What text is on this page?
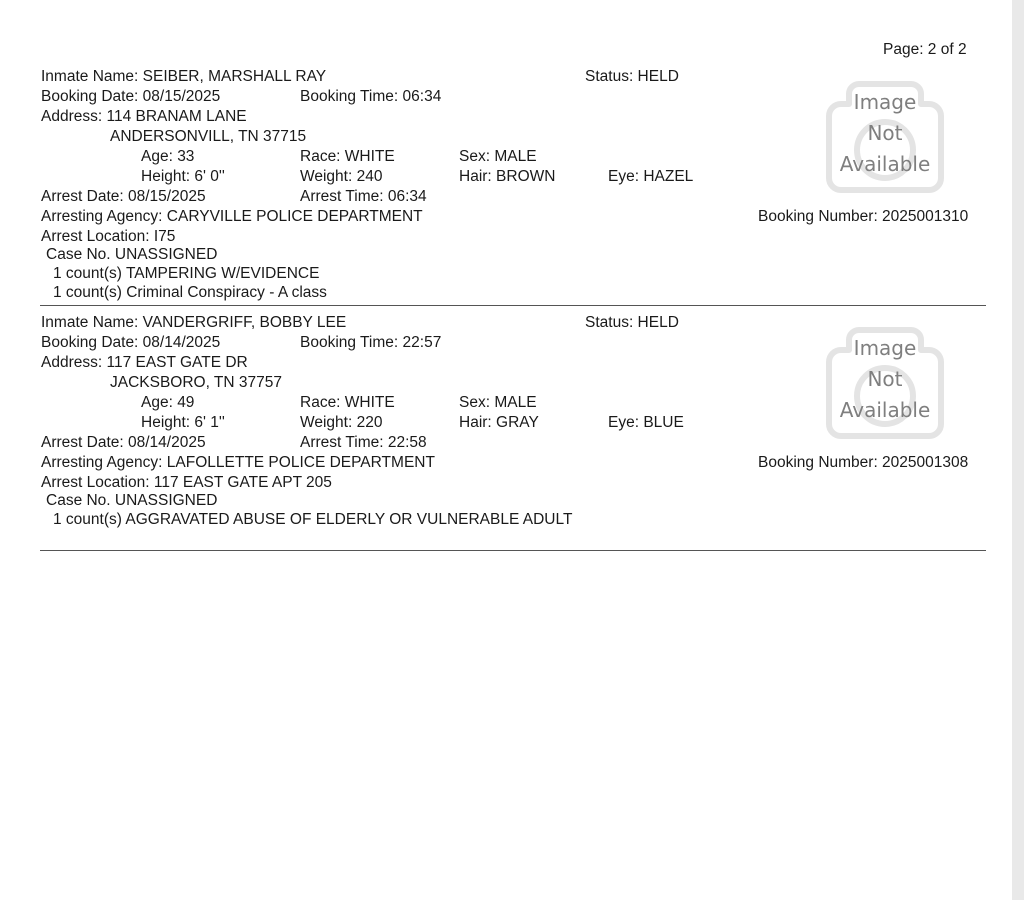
Page: 2 of 2
Inmate Name: SEIBER, MARSHALL RAY	Status: HELD
Booking Date: 08/15/2025	Booking Time: 06:34
Address: 114 BRANAM LANE
ANDERSONVILL, TN 37715
Age: 33	Race: WHITE	Sex: MALE
Height: 6' 0''	Weight: 240	Hair: BROWN	Eye: HAZEL
Arrest Date: 08/15/2025	Arrest Time: 06:34
Arresting Agency: CARYVILLE POLICE DEPARTMENT	Booking Number: 2025001310
Arrest Location: I75
Case No. UNASSIGNED
1 count(s) TAMPERING W/EVIDENCE
1 count(s) Criminal Conspiracy - A class
Image
Not
Available
Inmate Name: VANDERGRIFF, BOBBY LEE	Status: HELD
Booking Date: 08/14/2025	Booking Time: 22:57
Address: 117 EAST GATE DR
JACKSBORO, TN 37757
Age: 49	Race: WHITE	Sex: MALE
Height: 6' 1''	Weight: 220	Hair: GRAY	Eye: BLUE
Arrest Date: 08/14/2025	Arrest Time: 22:58
Arresting Agency: LAFOLLETTE POLICE DEPARTMENT	Booking Number: 2025001308
Arrest Location: 117 EAST GATE APT 205
Case No. UNASSIGNED
1 count(s) AGGRAVATED ABUSE OF ELDERLY OR VULNERABLE ADULT
Image
Not
Available
